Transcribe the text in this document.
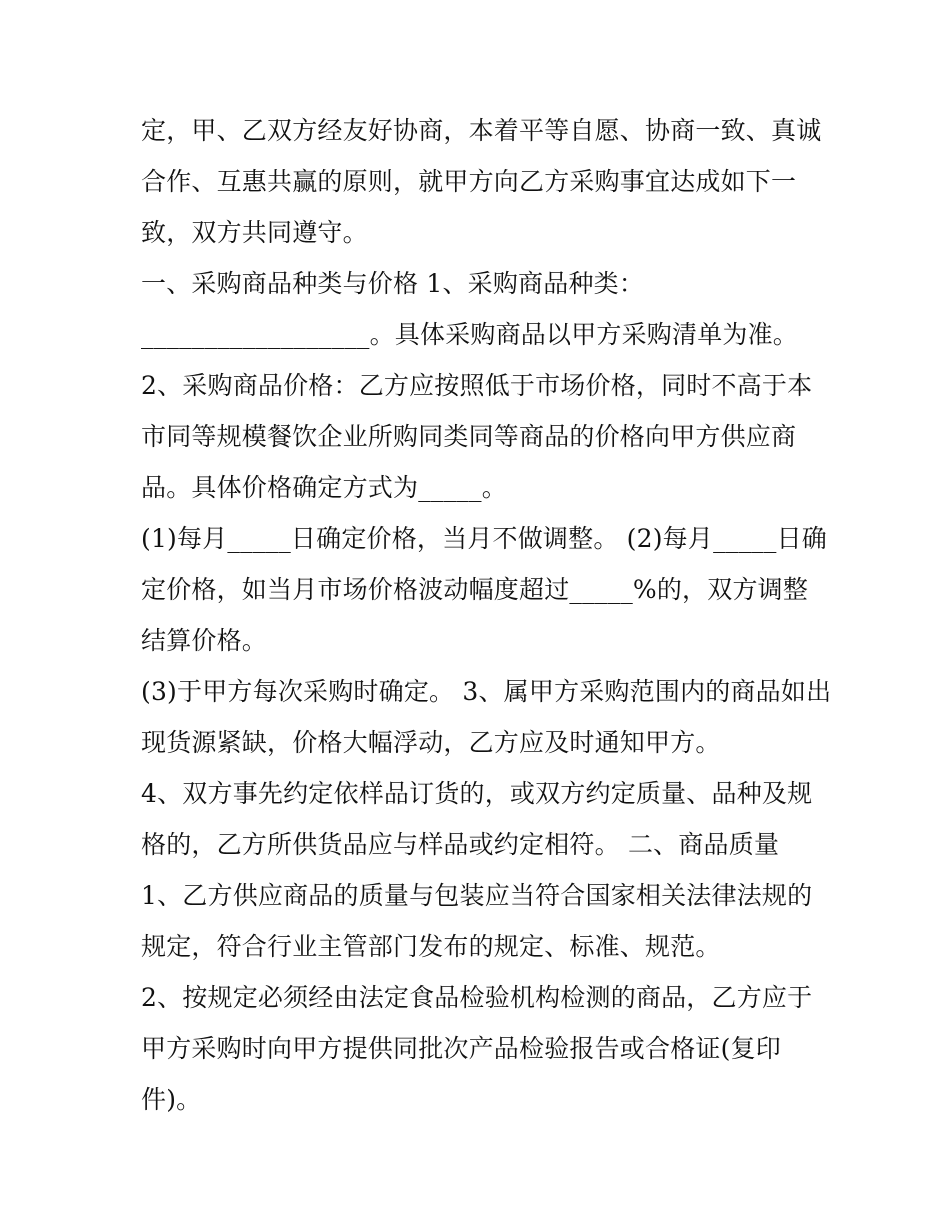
定，甲、乙双方经友好协商，本着平等自愿、协商一致、真诚
合作、互惠共赢的原则，就甲方向乙方采购事宜达成如下一
致，双方共同遵守。
一、采购商品种类与价格 1、采购商品种类：
__________________。具体采购商品以甲方采购清单为准。
2、采购商品价格：乙方应按照低于市场价格，同时不高于本
市同等规模餐饮企业所购同类同等商品的价格向甲方供应商
品。具体价格确定方式为_____。
(1)每月_____日确定价格，当月不做调整。 (2)每月_____日确
定价格，如当月市场价格波动幅度超过_____%的，双方调整
结算价格。
(3)于甲方每次采购时确定。 3、属甲方采购范围内的商品如出
现货源紧缺，价格大幅浮动，乙方应及时通知甲方。
4、双方事先约定依样品订货的，或双方约定质量、品种及规
格的，乙方所供货品应与样品或约定相符。 二、商品质量
1、乙方供应商品的质量与包装应当符合国家相关法律法规的
规定，符合行业主管部门发布的规定、标准、规范。
2、按规定必须经由法定食品检验机构检测的商品，乙方应于
甲方采购时向甲方提供同批次产品检验报告或合格证(复印
件)。
